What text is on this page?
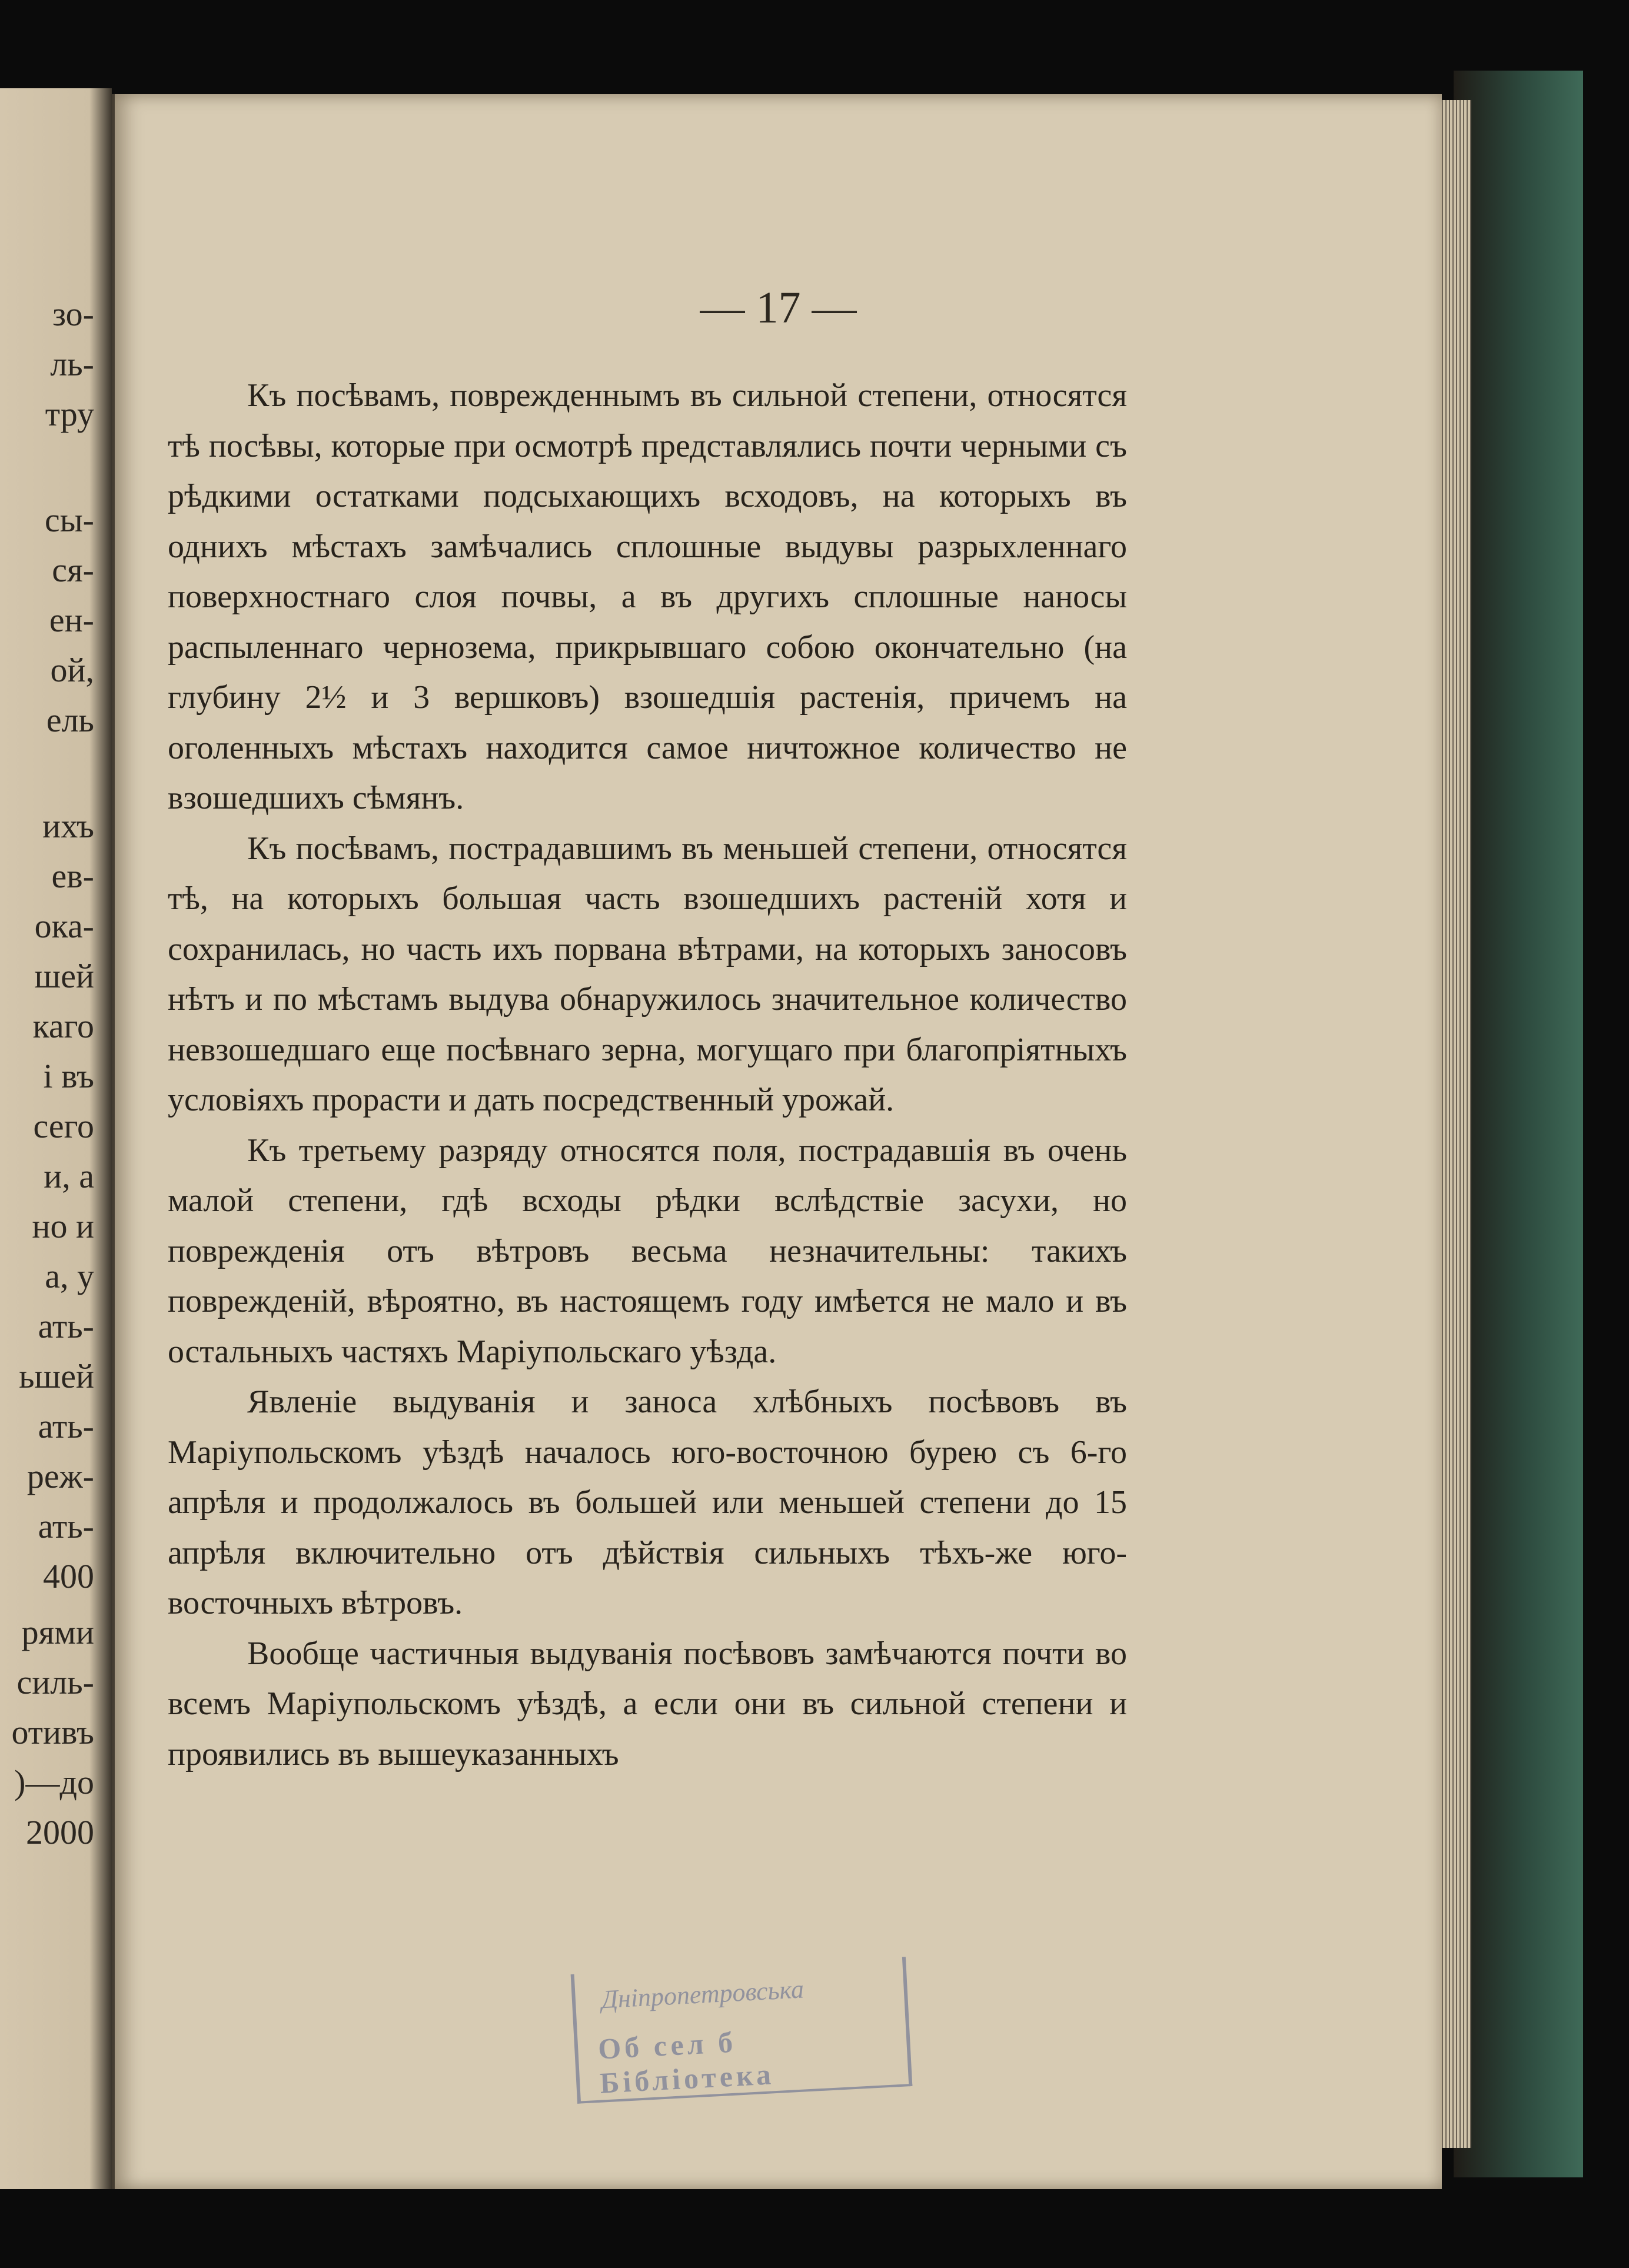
зо-
ль-
тру
сы-
ся-
ен-
ой,
ель
ихъ
ев-
ока-
шей
каго
і въ
сего
и, а
но и
а, у
ать-
ьшей
ать-
реж-
ать-
400
рями
силь-
отивъ
)—до
2000
— 17 —

Къ посѣвамъ, поврежденнымъ въ сильной степени, относятся тѣ посѣвы, которые при осмотрѣ представлялись почти черными съ рѣдкими остатками подсыхающихъ всходовъ, на которыхъ въ однихъ мѣстахъ замѣчались сплошные выдувы разрыхленнаго поверхностнаго слоя почвы, а въ другихъ сплошные наносы распыленнаго чернозема, прикрывшаго собою окончательно (на глубину 2½ и 3 вершковъ) взошедшія растенія, причемъ на оголенныхъ мѣстахъ находится самое ничтожное количество не взошедшихъ сѣмянъ.

Къ посѣвамъ, пострадавшимъ въ меньшей степени, относятся тѣ, на которыхъ большая часть взошедшихъ растеній хотя и сохранилась, но часть ихъ порвана вѣтрами, на которыхъ заносовъ нѣтъ и по мѣстамъ выдува обнаружилось значительное количество невзошедшаго еще посѣвнаго зерна, могущаго при благопріятныхъ условіяхъ прорасти и дать посредственный урожай.

Къ третьему разряду относятся поля, пострадавшія въ очень малой степени, гдѣ всходы рѣдки вслѣдствіе засухи, но поврежденія отъ вѣтровъ весьма незначительны: такихъ поврежденій, вѣроятно, въ настоящемъ году имѣется не мало и въ остальныхъ частяхъ Маріупольскаго уѣзда.

Явленіе выдуванія и заноса хлѣбныхъ посѣвовъ въ Маріупольскомъ уѣздѣ началось юго-восточною бурею съ 6-го апрѣля и продолжалось въ большей или меньшей степени до 15 апрѣля включительно отъ дѣйствія сильныхъ тѣхъ-же юго-восточныхъ вѣтровъ.

Вообще частичныя выдуванія посѣвовъ замѣчаются почти во всемъ Маріупольскомъ уѣздѣ, а если они въ сильной степени и проявились въ вышеуказанныхъ

Днiпропетровська
Об сел б Бiблiотека
